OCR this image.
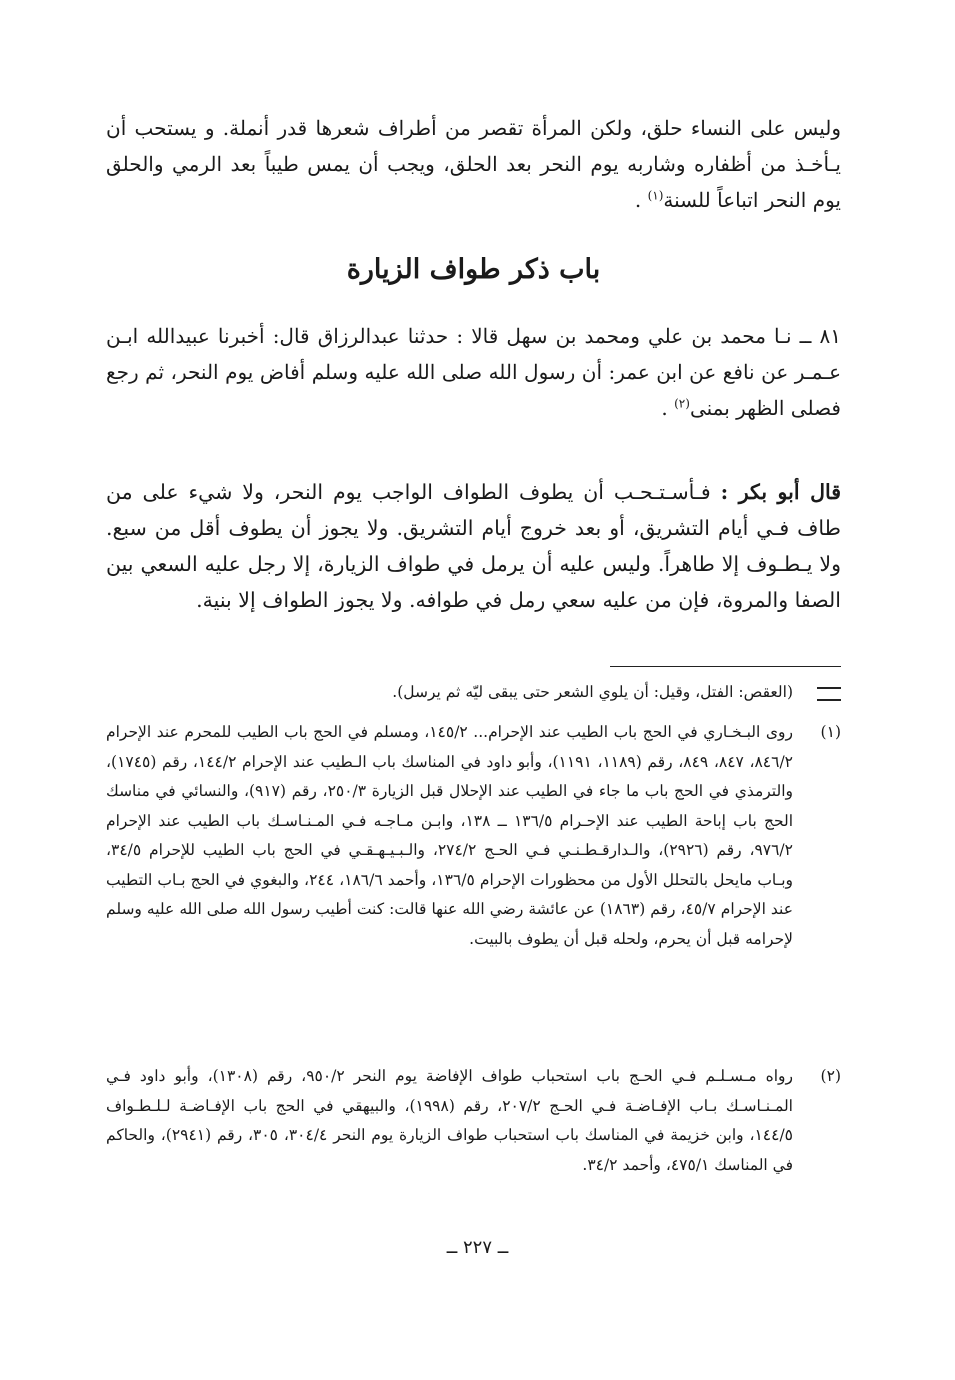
وليس على النساء حلق، ولكن المرأة تقصر من أطراف شعرها قدر أنملة. و يستحب أن يـأخـذ من أظفاره وشاربه يوم النحر بعد الحلق، ويجب أن يمس طيباً بعد الرمي والحلق يوم النحر اتباعاً للسنة$^{(١)}$ .

باب ذكر طواف الزيارة

٨١ ــ نـا محمد بن علي ومحمد بن سهل قالا : حدثنا عبدالرزاق قال: أخبرنا عبيدالله ابـن عـمـر عن نافع عن ابن عمر: أن رسول الله صلى الله عليه وسلم أفاض يوم النحر، ثم رجع فصلى الظهر بمنى$^{(٢)}$ .

قال أبو بكر : فـأسـتـحـب أن يطوف الطواف الواجب يوم النحر، ولا شيء على من طاف فـي أيام التشريق، أو بعد خروج أيام التشريق. ولا يجوز أن يطوف أقل من سبع. ولا يـطـوف إلا طاهراً. وليس عليه أن يرمل في طواف الزيارة، إلا رجل عليه السعي بين الصفا والمروة، فإن من عليه سعي رمل في طوافه. ولا يجوز الطواف إلا بنية.

(العقص: الفتل، وقيل: أن يلوي الشعر حتى يبقى ليّه ثم يرسل).
(١)
روى البـخـاري في الحج باب الطيب عند الإحرام... ١٤٥/٢، ومسلم في الحج باب الطيب للمحرم عند الإحرام ٨٤٦/٢، ٨٤٧، ٨٤٩، رقم (١١٨٩، ١١٩١)، وأبو داود في المناسك باب الـطيب عند الإحرام ١٤٤/٢، رقم (١٧٤٥)، والترمذي في الحج باب ما جاء في الطيب عند الإحلال قبل الزيارة ٢٥٠/٣، رقم (٩١٧)، والنسائي في مناسك الحج باب إباحة الطيب عند الإحـرام ١٣٦/٥ ــ ١٣٨، وابـن مـاجـه فـي المـنـاسـك باب الطيب عند الإحرام ٩٧٦/٢، رقم (٢٩٢٦)، والـدارقـطـنـي فـي الحـج ٢٧٤/٢، والـبـيـهـقـي في الحج باب الطيب للإحرام ٣٤/٥، وبـاب مايحل بالتحلل الأول من محظورات الإحرام ١٣٦/٥، وأحمد ١٨٦/٦، ٢٤٤، والبغوي في الحج بـاب التطيب عند الإحرام ٤٥/٧، رقم (١٨٦٣) عن عائشة رضي الله عنها قالت: كنت أطيب رسول الله صلى الله عليه وسلم لإحرامه قبل أن يحرم، ولحله قبل أن يطوف بالبيت.
(٢)
رواه مـسـلـم فـي الحـج باب استحباب طواف الإفاضة يوم النحر ٩٥٠/٢، رقم (١٣٠٨)، وأبو داود فـي المـنـاسـك بـاب الإفـاضـة فـي الحـج ٢٠٧/٢، رقم (١٩٩٨)، والبيهقي في الحج باب الإفـاضـة لـلـطـواف ١٤٤/٥، وابن خزيمة في المناسك باب استحباب طواف الزيارة يوم النحر ٣٠٤/٤، ٣٠٥، رقم (٢٩٤١)، والحاكم في المناسك ٤٧٥/١، وأحمد ٣٤/٢.

ــ ٢٢٧ ــ
